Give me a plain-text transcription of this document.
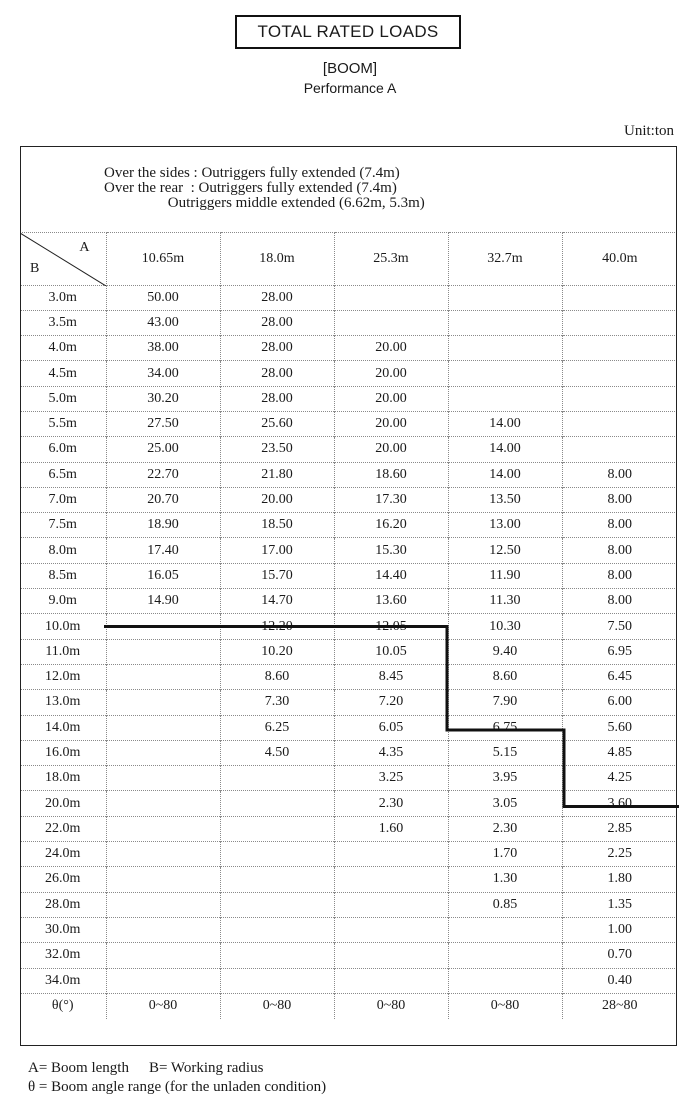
TOTAL RATED LOADS
[BOOM]
Performance A
Unit:ton
Over the sides : Outriggers fully extended (7.4m)
Over the rear  : Outriggers fully extended (7.4m)
Outriggers middle extended (6.62m, 5.3m)					

A
B	10.65m	18.0m	25.3m	32.7m	40.0m
3.0m	50.00	28.00			
3.5m	43.00	28.00			
4.0m	38.00	28.00	20.00		
4.5m	34.00	28.00	20.00		
5.0m	30.20	28.00	20.00		
5.5m	27.50	25.60	20.00	14.00	
6.0m	25.00	23.50	20.00	14.00	
6.5m	22.70	21.80	18.60	14.00	8.00
7.0m	20.70	20.00	17.30	13.50	8.00
7.5m	18.90	18.50	16.20	13.00	8.00
8.0m	17.40	17.00	15.30	12.50	8.00
8.5m	16.05	15.70	14.40	11.90	8.00
9.0m	14.90	14.70	13.60	11.30	8.00
10.0m		12.20	12.05	10.30	7.50
11.0m		10.20	10.05	9.40	6.95
12.0m		8.60	8.45	8.60	6.45
13.0m		7.30	7.20	7.90	6.00
14.0m		6.25	6.05	6.75	5.60
16.0m		4.50	4.35	5.15	4.85
18.0m			3.25	3.95	4.25
20.0m			2.30	3.05	3.60
22.0m			1.60	2.30	2.85
24.0m				1.70	2.25
26.0m				1.30	1.80
28.0m				0.85	1.35
30.0m					1.00
32.0m					0.70
34.0m					0.40
θ(°)	0~80	0~80	0~80	0~80	28~80
A= Boom length B= Working radius
θ = Boom angle range (for the unladen condition)
